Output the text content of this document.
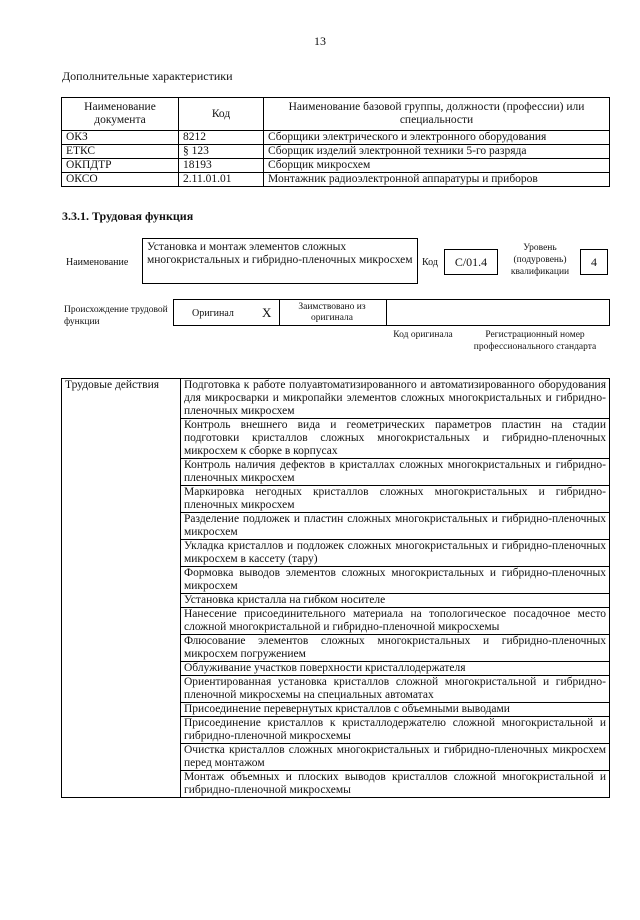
13
Дополнительные характеристики
Наименование документа	Код	Наименование базовой группы, должности (профессии) или специальности
ОКЗ	8212	Сборщики электрического и электронного оборудования
ЕТКС	§ 123	Сборщик изделий электронной техники 5-го разряда
ОКПДТР	18193	Сборщик микросхем
ОКСО	2.11.01.01	Монтажник радиоэлектронной аппаратуры и приборов
3.3.1. Трудовая функция
Наименование
Установка и монтаж элементов сложных многокристальных и гибридно-пленочных микросхем Код	C/01.4
Уровень (подуровень) квалификации
4
Происхождение трудовой функции
Оригинал X	Заимствовано из оригинала
Код оригинала	Регистрационный номер профессионального стандарта
Трудовые действия	Подготовка к работе полуавтоматизированного и автоматизированного оборудования для микросварки и микропайки элементов сложных многокристальных и гибридно-пленочных микросхем
Контроль внешнего вида и геометрических параметров пластин на стадии подготовки кристаллов сложных многокристальных и гибридно-пленочных микросхем к сборке в корпусах
Контроль наличия дефектов в кристаллах сложных многокристальных и гибридно-пленочных микросхем
Маркировка негодных кристаллов сложных многокристальных и гибридно-пленочных микросхем
Разделение подложек и пластин сложных многокристальных и гибридно-пленочных микросхем
Укладка кристаллов и подложек сложных многокристальных и гибридно-пленочных микросхем в кассету (тару)
Формовка выводов элементов сложных многокристальных и гибридно-пленочных микросхем
Установка кристалла на гибком носителе
Нанесение присоединительного материала на топологическое посадочное место сложной многокристальной и гибридно-пленочной микросхемы
Флюсование элементов сложных многокристальных и гибридно-пленочных микросхем погружением
Облуживание участков поверхности кристаллодержателя
Ориентированная установка кристаллов сложной многокристальной и гибридно-пленочной микросхемы на специальных автоматах
Присоединение перевернутых кристаллов с объемными выводами
Присоединение кристаллов к кристаллодержателю сложной многокристальной и гибридно-пленочной микросхемы
Очистка кристаллов сложных многокристальных и гибридно-пленочных микросхем перед монтажом
Монтаж объемных и плоских выводов кристаллов сложной многокристальной и гибридно-пленочной микросхемы
